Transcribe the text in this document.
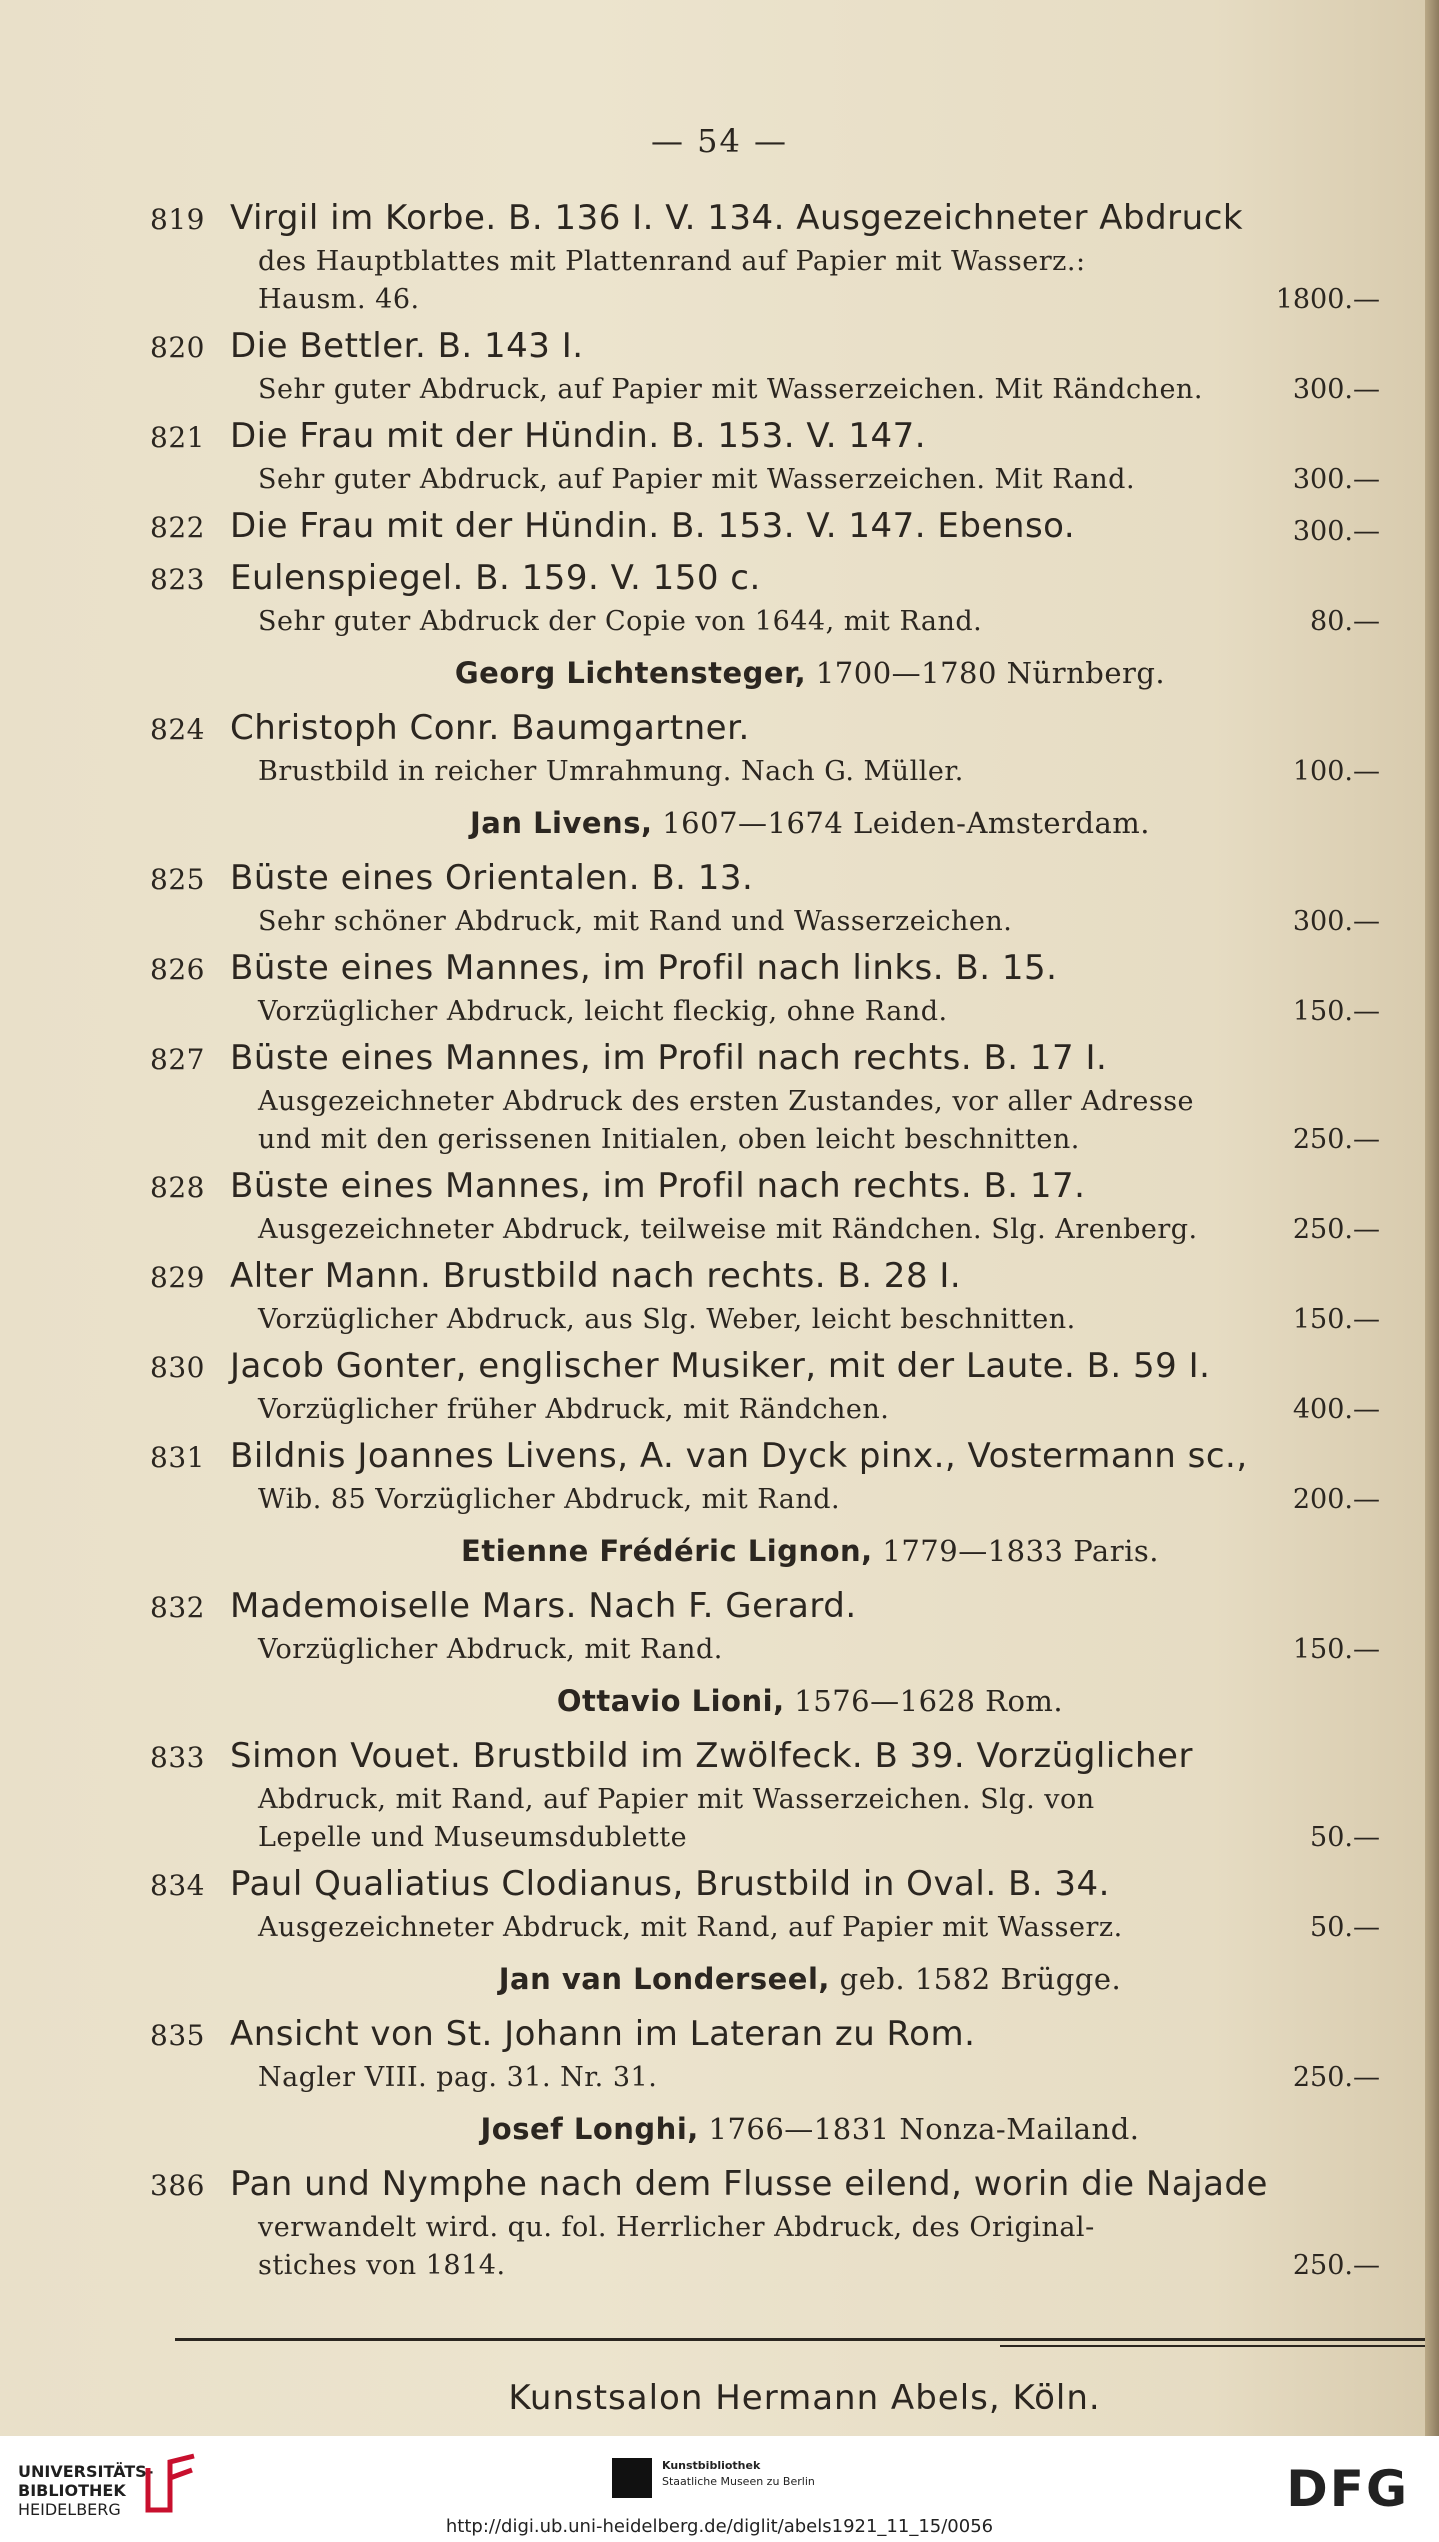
— 54 —
819 Virgil im Korbe. B. 136 I. V. 134. Ausgezeichneter Abdruck
des Hauptblattes mit Plattenrand auf Papier mit Wasserz.:
Hausm. 46.	1800.—
820 Die Bettler. B. 143 I.
Sehr guter Abdruck, auf Papier mit Wasserzeichen. Mit Rändchen.	300.—
821 Die Frau mit der Hündin. B. 153. V. 147.
Sehr guter Abdruck, auf Papier mit Wasserzeichen. Mit Rand.	300.—
822 Die Frau mit der Hündin. B. 153. V. 147. Ebenso.	300.—
823 Eulenspiegel. B. 159. V. 150 c.
Sehr guter Abdruck der Copie von 1644, mit Rand.	80.—
Georg Lichtensteger, 1700—1780 Nürnberg.
824 Christoph Conr. Baumgartner.
Brustbild in reicher Umrahmung. Nach G. Müller.	100.—
Jan Livens, 1607—1674 Leiden-Amsterdam.
825 Büste eines Orientalen. B. 13.
Sehr schöner Abdruck, mit Rand und Wasserzeichen.	300.—
826 Büste eines Mannes, im Profil nach links. B. 15.
Vorzüglicher Abdruck, leicht fleckig, ohne Rand.	150.—
827 Büste eines Mannes, im Profil nach rechts. B. 17 I.
Ausgezeichneter Abdruck des ersten Zustandes, vor aller Adresse
und mit den gerissenen Initialen, oben leicht beschnitten.	250.—
828 Büste eines Mannes, im Profil nach rechts. B. 17.
Ausgezeichneter Abdruck, teilweise mit Rändchen. Slg. Arenberg.	250.—
829 Alter Mann. Brustbild nach rechts. B. 28 I.
Vorzüglicher Abdruck, aus Slg. Weber, leicht beschnitten.	150.—
830 Jacob Gonter, englischer Musiker, mit der Laute. B. 59 I.
Vorzüglicher früher Abdruck, mit Rändchen.	400.—
831 Bildnis Joannes Livens, A. van Dyck pinx., Vostermann sc.,
Wib. 85 Vorzüglicher Abdruck, mit Rand.	200.—
Etienne Frédéric Lignon, 1779—1833 Paris.
832 Mademoiselle Mars. Nach F. Gerard.
Vorzüglicher Abdruck, mit Rand.	150.—
Ottavio Lioni, 1576—1628 Rom.
833 Simon Vouet. Brustbild im Zwölfeck. B 39. Vorzüglicher
Abdruck, mit Rand, auf Papier mit Wasserzeichen. Slg. von
Lepelle und Museumsdublette	50.—
834 Paul Qualiatius Clodianus, Brustbild in Oval. B. 34.
Ausgezeichneter Abdruck, mit Rand, auf Papier mit Wasserz.	50.—
Jan van Londerseel, geb. 1582 Brügge.
835 Ansicht von St. Johann im Lateran zu Rom.
Nagler VIII. pag. 31. Nr. 31.	250.—
Josef Longhi, 1766—1831 Nonza-Mailand.
386 Pan und Nymphe nach dem Flusse eilend, worin die Najade
verwandelt wird. qu. fol. Herrlicher Abdruck, des Original-
stiches von 1814.	250.—
Kunstsalon Hermann Abels, Köln.
UNIVERSITÄTS-
BIBLIOTHEK
HEIDELBERG
Kunstbibliothek
Staatliche Museen zu Berlin	DFG
http://digi.ub.uni-heidelberg.de/diglit/abels1921_11_15/0056
